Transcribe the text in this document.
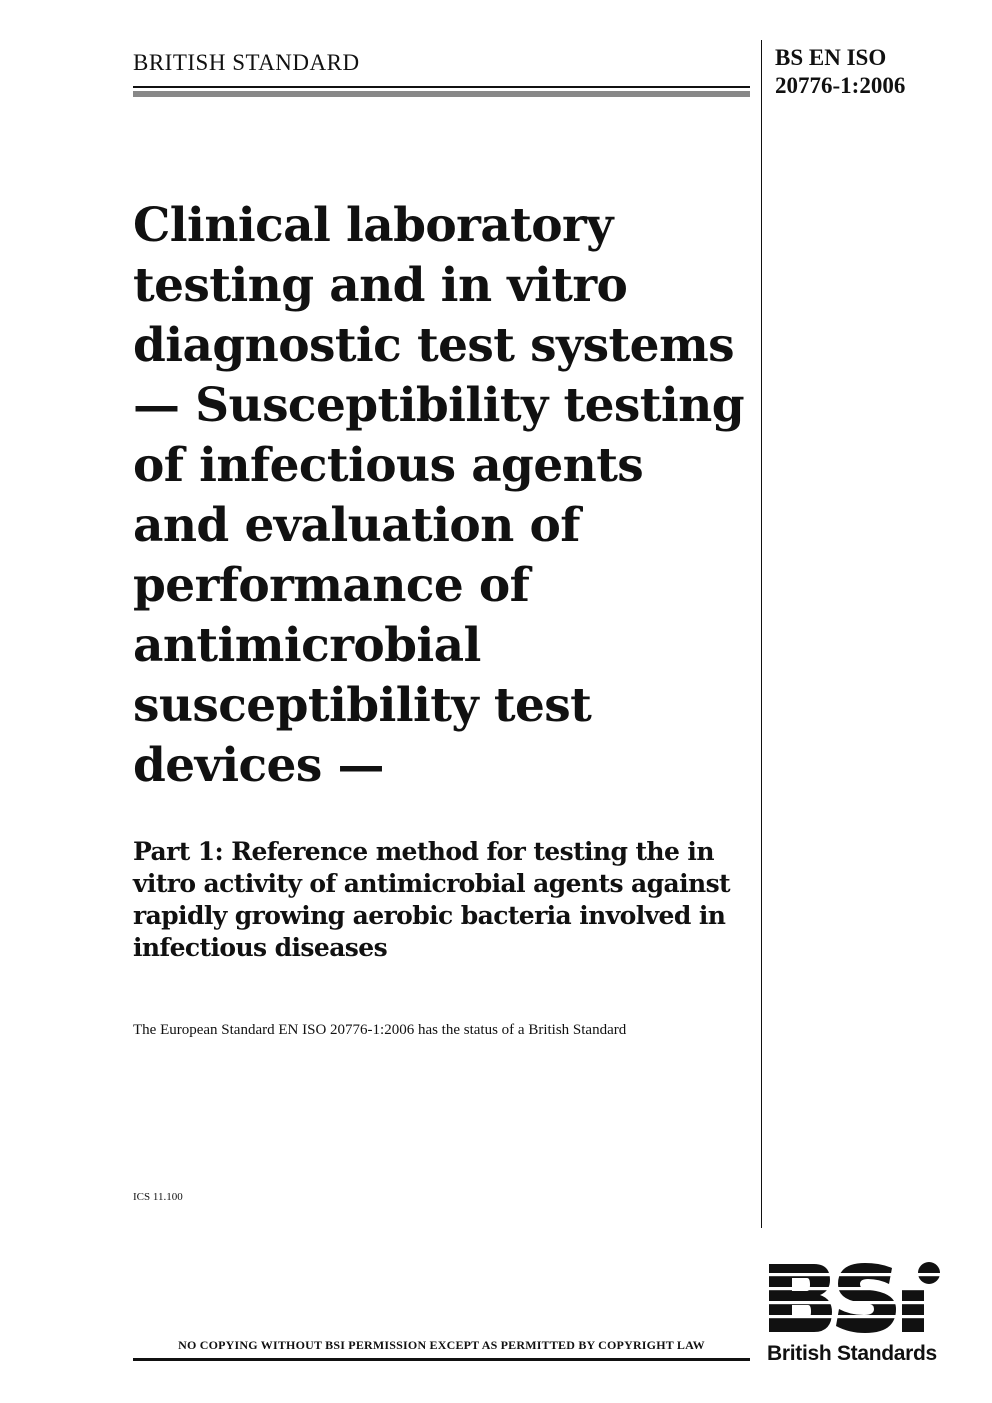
BRITISH STANDARD	BS EN ISO
20776-1:2006
Clinical laboratory testing and in vitro diagnostic test systems — Susceptibility testing of infectious agents and evaluation of performance of antimicrobial susceptibility test devices —
Part 1: Reference method for testing the in vitro activity of antimicrobial agents against rapidly growing aerobic bacteria involved in infectious diseases

The European Standard EN ISO 20776-1:2006 has the status of a British Standard

ICS 11.100

NO COPYING WITHOUT BSI PERMISSION EXCEPT AS PERMITTED BY COPYRIGHT LAW	British Standards
